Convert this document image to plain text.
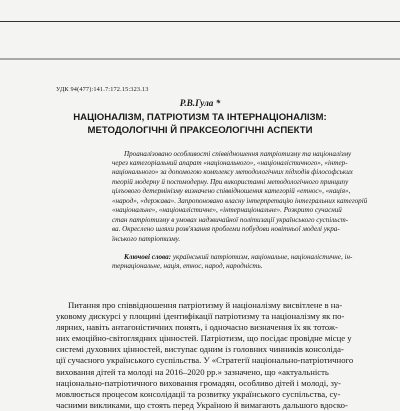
УДК 94(477):141.7:172.15:323.13
Р.В.Гула *
НАЦІОНАЛІЗМ, ПАТРІОТИЗМ ТА ІНТЕРНАЦІОНАЛІЗМ:
МЕТОДОЛОГІЧНІ Й ПРАКСЕОЛОГІЧНІ АСПЕКТИ
Проаналізовано особливості співвідношення патріотизму та націоналізму
через категоріальний апарат «національного», «націоналістичного», «інтер-
національного» за допомогою комплексу методологічних підходів філософських
теорій модерну й постмодерну. При використанні методологічного принципу
цілъового детермінізму визначено співвідношення категорій «етнос», «нація»,
«народ», «держава». Запропоновано власну інтерпретацію інтегральних категорій
«національне», «націоналістичне», «інтернаціональне». Розкрито сучасний
стан патріотизму в умовах надзвичайної політизації українського суспільст-
ва. Окреслено шляхи розв'язання проблеми побудови новітньої моделі укра-
їнського патріотизму.
Ключові слова: український патріотизм, національне, націоналістичне, ін-
тернаціональне, нація, етнос, народ, народність.
Питання про співвідношення патріотизму й націоналізму висвітлене в на-
уковому дискурсі у площині ідентифікації патріотизму та націоналізму як по-
лярних, навіть антагоністичних понять, і одночасно визначення їх як тотож-
них емоційно-світоглядних цінностей. Патріотизм, що посідає провідне місце у
системі духовних цінностей, виступає одним із головних чинників консоліда-
ції сучасного українського суспільства. У «Стратегії національно-патріотичного
виховання дітей та молоді на 2016–2020 рр.» зазначено, що «актуальність
національно-патріотичного виховання громадян, особливо дітей і молоді, зу-
мовлюється процесом консолідації та розвитку українського суспільства, су-
часними викликами, що стоять перед Україною й вимагають дальшого вдоско-
